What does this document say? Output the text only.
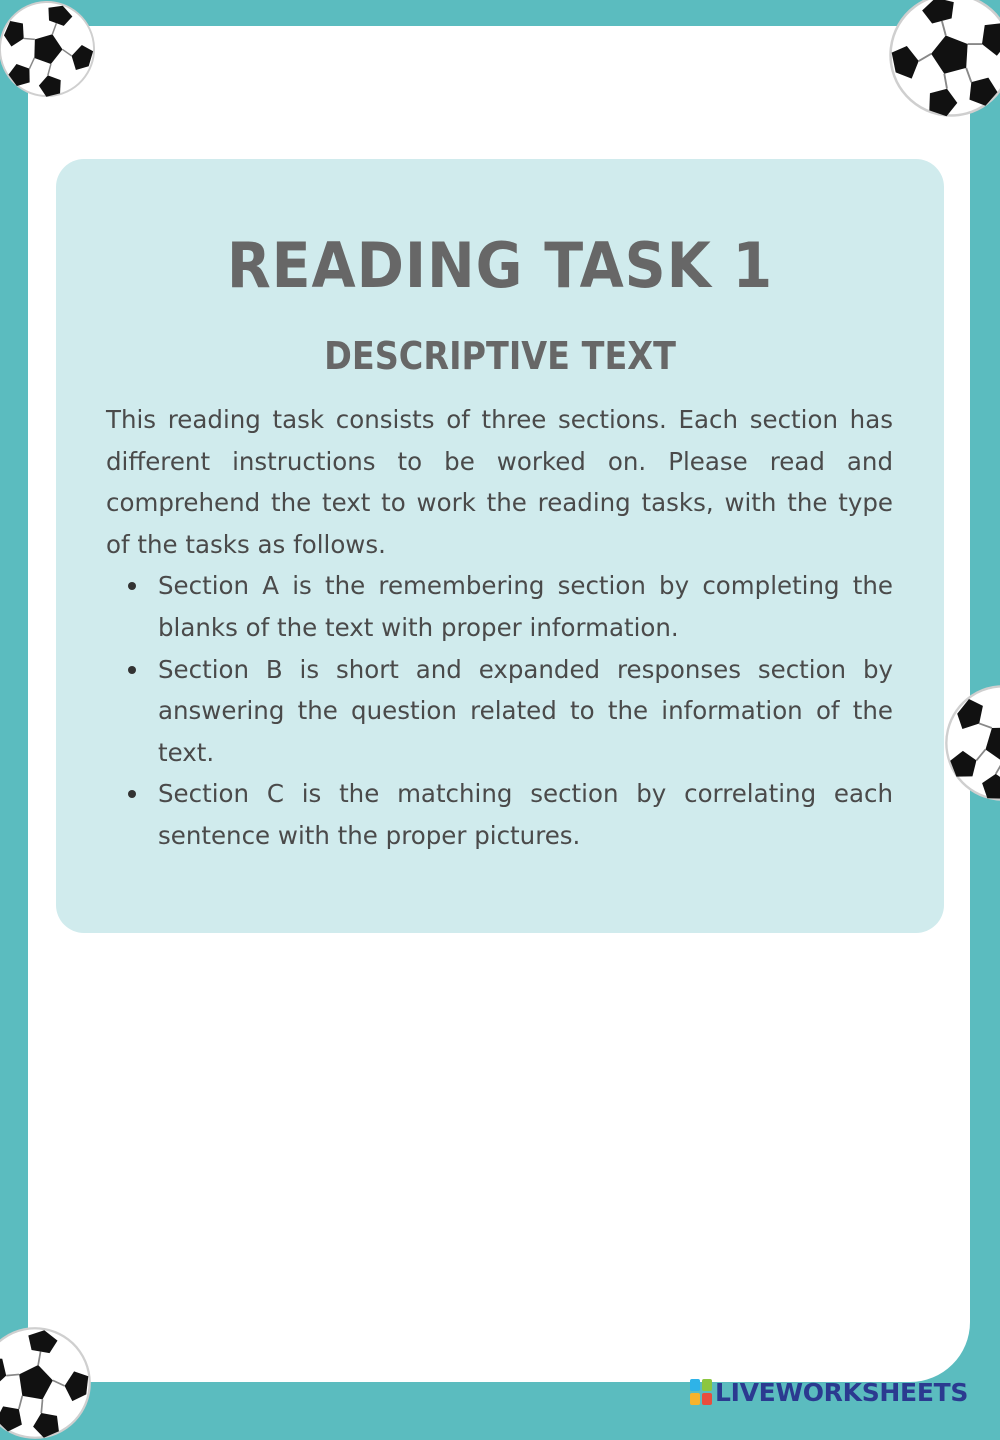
READING TASK 1
DESCRIPTIVE TEXT

This reading task consists of three sections. Each section has different instructions to be worked on. Please read and comprehend the text to work the reading tasks, with the type of the tasks as follows.

Section A is the remembering section by completing the blanks of the text with proper information.
Section B is short and expanded responses section by answering the question related to the information of the text.
Section C is the matching section by correlating each sentence with the proper pictures.
LIVEWORKSHEETS
